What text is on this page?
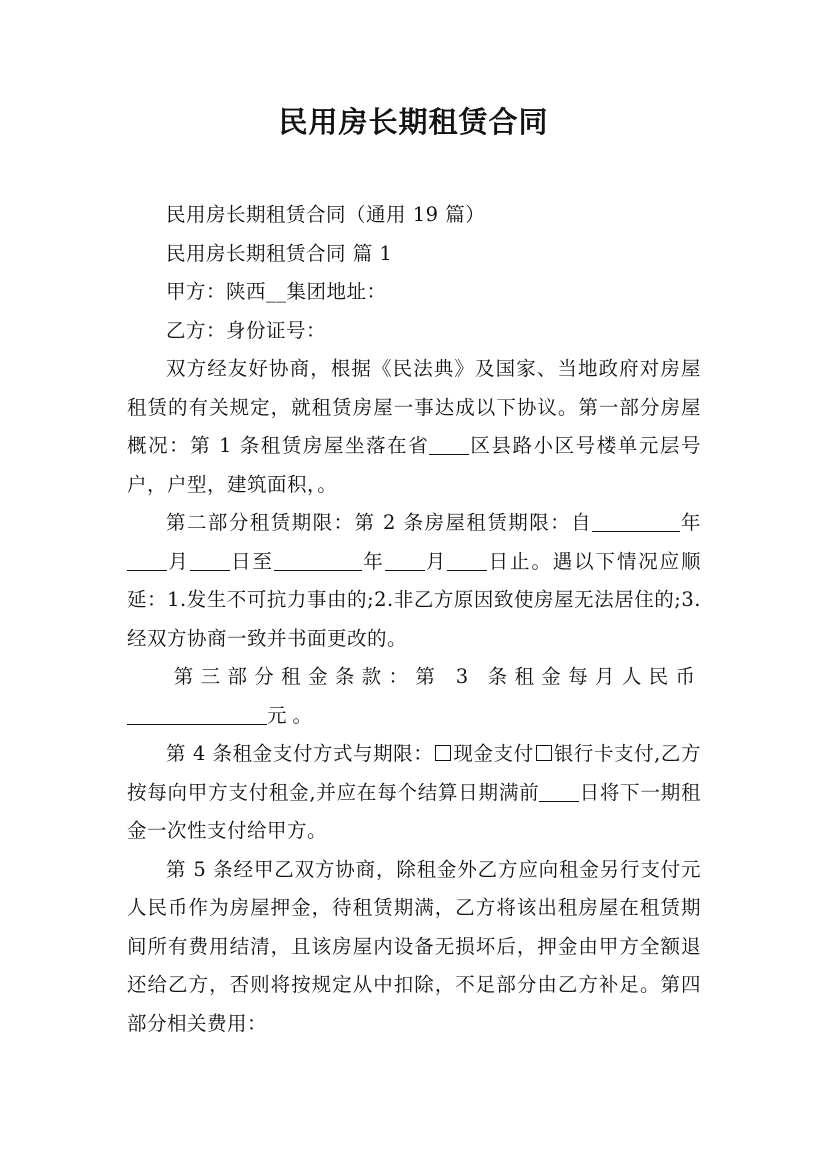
民用房长期租赁合同

民用房长期租赁合同（通用 19 篇）

民用房长期租赁合同 篇 1

甲方：陕西__集团地址：

乙方：身份证号：

双方经友好协商，根据《民法典》及国家、当地政府对房屋租赁的有关规定，就租赁房屋一事达成以下协议。第一部分房屋概况：第 1 条租赁房屋坐落在省 区县路小区号楼单元层号户，户型，建筑面积，。

第二部分租赁期限：第 2 条房屋租赁期限：自	年月 日至	年 月 日止。遇以下情况应顺延：1.发生不可抗力事由的;2.非乙方原因致使房屋无法居住的;3.经双方协商一致并书面更改的。

第三部分租金条款：第 3 条租金每月人民币元。

第 4 条租金支付方式与期限： 现金支付 银行卡支付,乙方按每向甲方支付租金,并应在每个结算日期满前 日将下一期租金一次性支付给甲方。

第 5 条经甲乙双方协商，除租金外乙方应向租金另行支付元人民币作为房屋押金，待租赁期满，乙方将该出租房屋在租赁期间所有费用结清，且该房屋内设备无损坏后，押金由甲方全额退还给乙方，否则将按规定从中扣除，不足部分由乙方补足。第四部分相关费用：
